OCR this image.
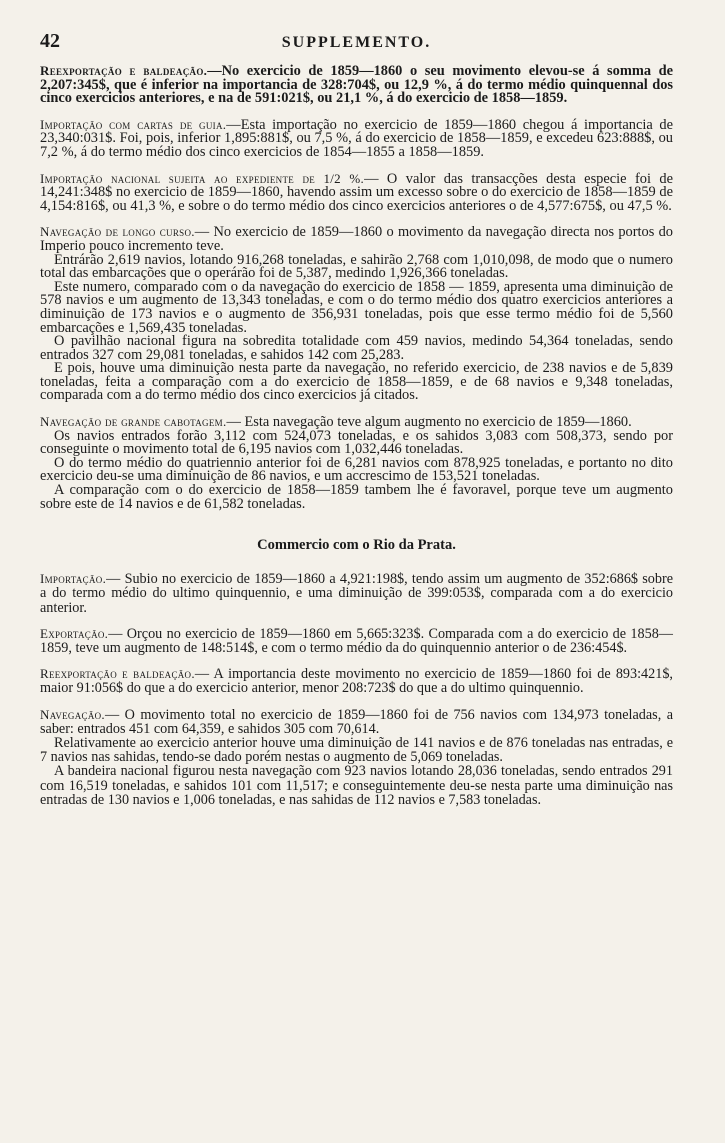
42	SUPPLEMENTO.

Reexportação e baldeação.—No exercicio de 1859—1860 o seu movimento elevou-se á somma de 2,207:345$, que é inferior na importancia de 328:704$, ou 12,9 %, á do termo médio quinquennal dos cinco exercicios anteriores, e na de 591:021$, ou 21,1 %, á do exercicio de 1858—1859.

Importação com cartas de guia.—Esta importação no exercicio de 1859—1860 chegou á importancia de 23,340:031$. Foi, pois, inferior 1,895:881$, ou 7,5 %, á do exercicio de 1858—1859, e excedeu 623:888$, ou 7,2 %, á do termo médio dos cinco exercicios de 1854—1855 a 1858—1859.

Importação nacional sujeita ao expediente de 1/2 %.— O valor das transacções desta especie foi de 14,241:348$ no exercicio de 1859—1860, havendo assim um excesso sobre o do exercicio de 1858—1859 de 4,154:816$, ou 41,3 %, e sobre o do termo médio dos cinco exercicios anteriores o de 4,577:675$, ou 47,5 %.

Navegação de longo curso.— No exercicio de 1859—1860 o movimento da navegação directa nos portos do Imperio pouco incremento teve.

Entrárão 2,619 navios, lotando 916,268 toneladas, e sahirão 2,768 com 1,010,098, de modo que o numero total das embarcações que o operárão foi de 5,387, medindo 1,926,366 toneladas.

Este numero, comparado com o da navegação do exercicio de 1858 — 1859, apresenta uma diminuição de 578 navios e um augmento de 13,343 toneladas, e com o do termo médio dos quatro exercicios anteriores a diminuição de 173 navios e o augmento de 356,931 toneladas, pois que esse termo médio foi de 5,560 embarcações e 1,569,435 toneladas.

O pavilhão nacional figura na sobredita totalidade com 459 navios, medindo 54,364 toneladas, sendo entrados 327 com 29,081 toneladas, e sahidos 142 com 25,283.

E pois, houve uma diminuição nesta parte da navegação, no referido exercicio, de 238 navios e de 5,839 toneladas, feita a comparação com a do exercicio de 1858—1859, e de 68 navios e 9,348 toneladas, comparada com a do termo médio dos cinco exercicios já citados.

Navegação de grande cabotagem.— Esta navegação teve algum augmento no exercicio de 1859—1860.

Os navios entrados forão 3,112 com 524,073 toneladas, e os sahidos 3,083 com 508,373, sendo por conseguinte o movimento total de 6,195 navios com 1,032,446 toneladas.

O do termo médio do quatriennio anterior foi de 6,281 navios com 878,925 toneladas, e portanto no dito exercicio deu-se uma diminuição de 86 navios, e um accrescimo de 153,521 toneladas.

A comparação com o do exercicio de 1858—1859 tambem lhe é favoravel, porque teve um augmento sobre este de 14 navios e de 61,582 toneladas.

Commercio com o Rio da Prata.

Importação.— Subio no exercicio de 1859—1860 a 4,921:198$, tendo assim um augmento de 352:686$ sobre a do termo médio do ultimo quinquennio, e uma diminuição de 399:053$, comparada com a do exercicio anterior.

Exportação.— Orçou no exercicio de 1859—1860 em 5,665:323$. Comparada com a do exercicio de 1858—1859, teve um augmento de 148:514$, e com o termo médio da do quinquennio anterior o de 236:454$.

Reexportação e baldeação.— A importancia deste movimento no exercicio de 1859—1860 foi de 893:421$, maior 91:056$ do que a do exercicio anterior, menor 208:723$ do que a do ultimo quinquennio.

Navegação.— O movimento total no exercicio de 1859—1860 foi de 756 navios com 134,973 toneladas, a saber: entrados 451 com 64,359, e sahidos 305 com 70,614.

Relativamente ao exercicio anterior houve uma diminuição de 141 navios e de 876 toneladas nas entradas, e 7 navios nas sahidas, tendo-se dado porém nestas o augmento de 5,069 toneladas.

A bandeira nacional figurou nesta navegação com 923 navios lotando 28,036 toneladas, sendo entrados 291 com 16,519 toneladas, e sahidos 101 com 11,517; e conseguintemente deu-se nesta parte uma diminuição nas entradas de 130 navios e 1,006 toneladas, e nas sahidas de 112 navios e 7,583 toneladas.
